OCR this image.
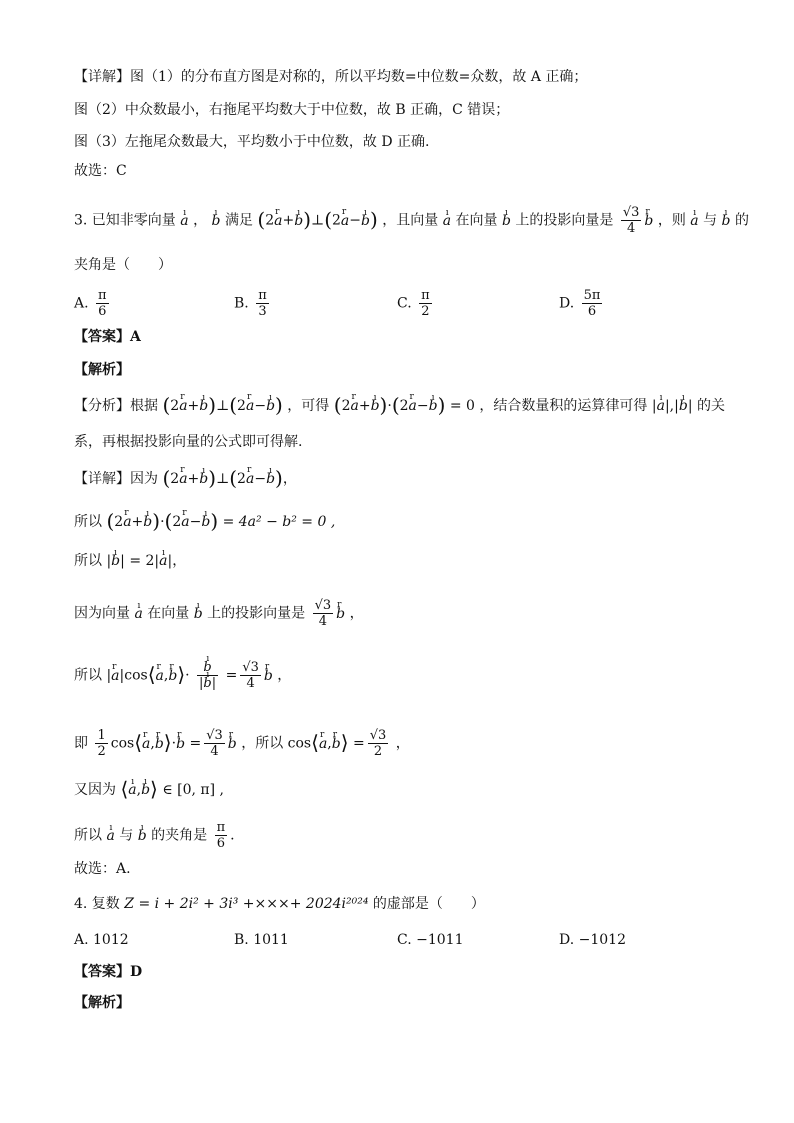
【详解】图（1）的分布直方图是对称的，所以平均数=中位数=众数，故 A 正确；
图（2）中众数最小，右拖尾平均数大于中位数，故 B 正确，C 错误；
图（3）左拖尾众数最大，平均数小于中位数，故 D 正确.
故选：C
3. 已知非零向量 ı a ， ı b 满足 (2r a+ı b)⊥(2r a−ı b) ，且向量 ı a 在向量 ı b 上的投影向量是 $\frac{√3}{4}$ r b ，则 ı a 与 ı b 的
夹角是（　　）
A. $\frac{\pi}{6}$	B. $\frac{\pi}{3}$	C. $\frac{\pi}{2}$	D. $\frac{5\pi}{6}$
【答案】A
【解析】
【分析】根据 (2r a+ı b)⊥(2r a−ı b) ，可得 (2r a+ı b)·(2r a−ı b) = 0 ，结合数量积的运算律可得 |ı a|,|ı b| 的关
系，再根据投影向量的公式即可得解.
【详解】因为 (2r a+ı b)⊥(2r a−ı b)，
所以 (2r a+ı b)·(2r a−ı b) = 4a² − b² = 0 ,
所以 |ı b| = 2|ı a|，
因为向量 ı a 在向量 ı b 上的投影向量是 $\frac{√3}{4}$ r b ，
所以 |r a|cos⟨r a,r b⟩· ı $\frac{b}{\text{|ı b|}} = \frac{√3}{4}$ r b ，
即 $\frac{1}{2}$ cos⟨r a,r b⟩·r $b = \frac{√3}{4}$ r b ，所以 cos⟨r a,r b⟩ = $\frac{√3}{2}$ ，
又因为 ⟨ı a,ı b⟩ ∈ [0, π] ,
所以 ı a 与 ı b 的夹角是 $\frac{\pi}{6}$ .
故选：A.
4. 复数 Z = i + 2i² + 3i³ +×××+ 2024i²⁰²⁴ 的虚部是（　　）
A. 1012	B. 1011	C. −1011	D. −1012
【答案】D
【解析】
